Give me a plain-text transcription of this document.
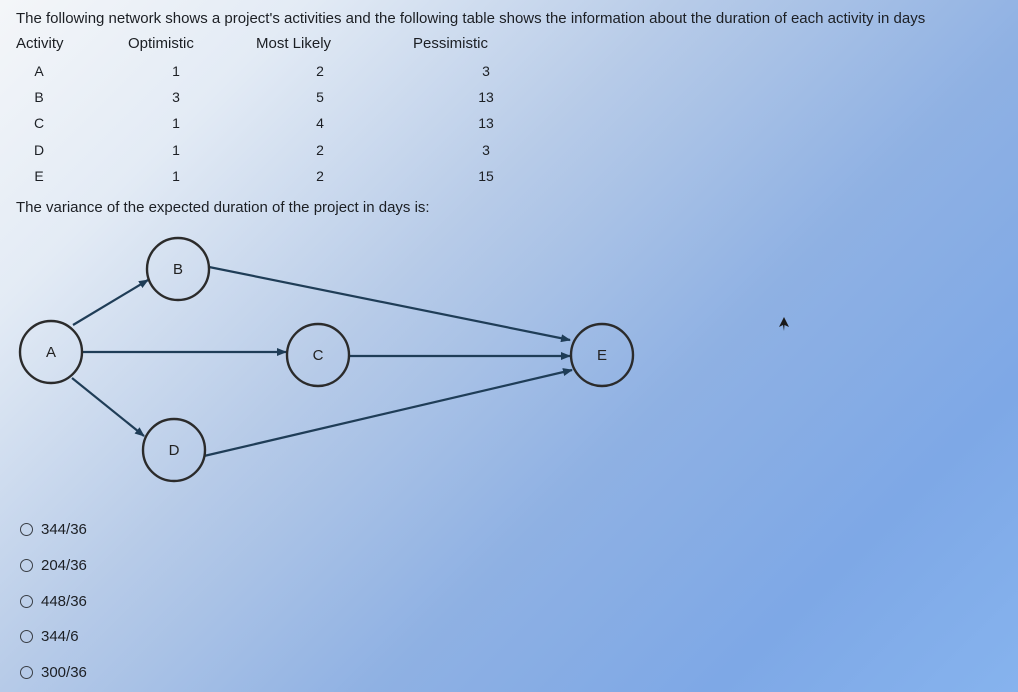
The following network shows a project's activities and the following table shows the information about the duration of each activity in days
Activity	Optimistic	Most Likely	Pessimistic
A	1	2	3
B	3	5	13
C	1	4	13
D	1	2	3
E	1	2	15
The variance of the expected duration of the project in days is:
A
B
C
D
E
344/36
204/36
448/36
344/6
300/36
